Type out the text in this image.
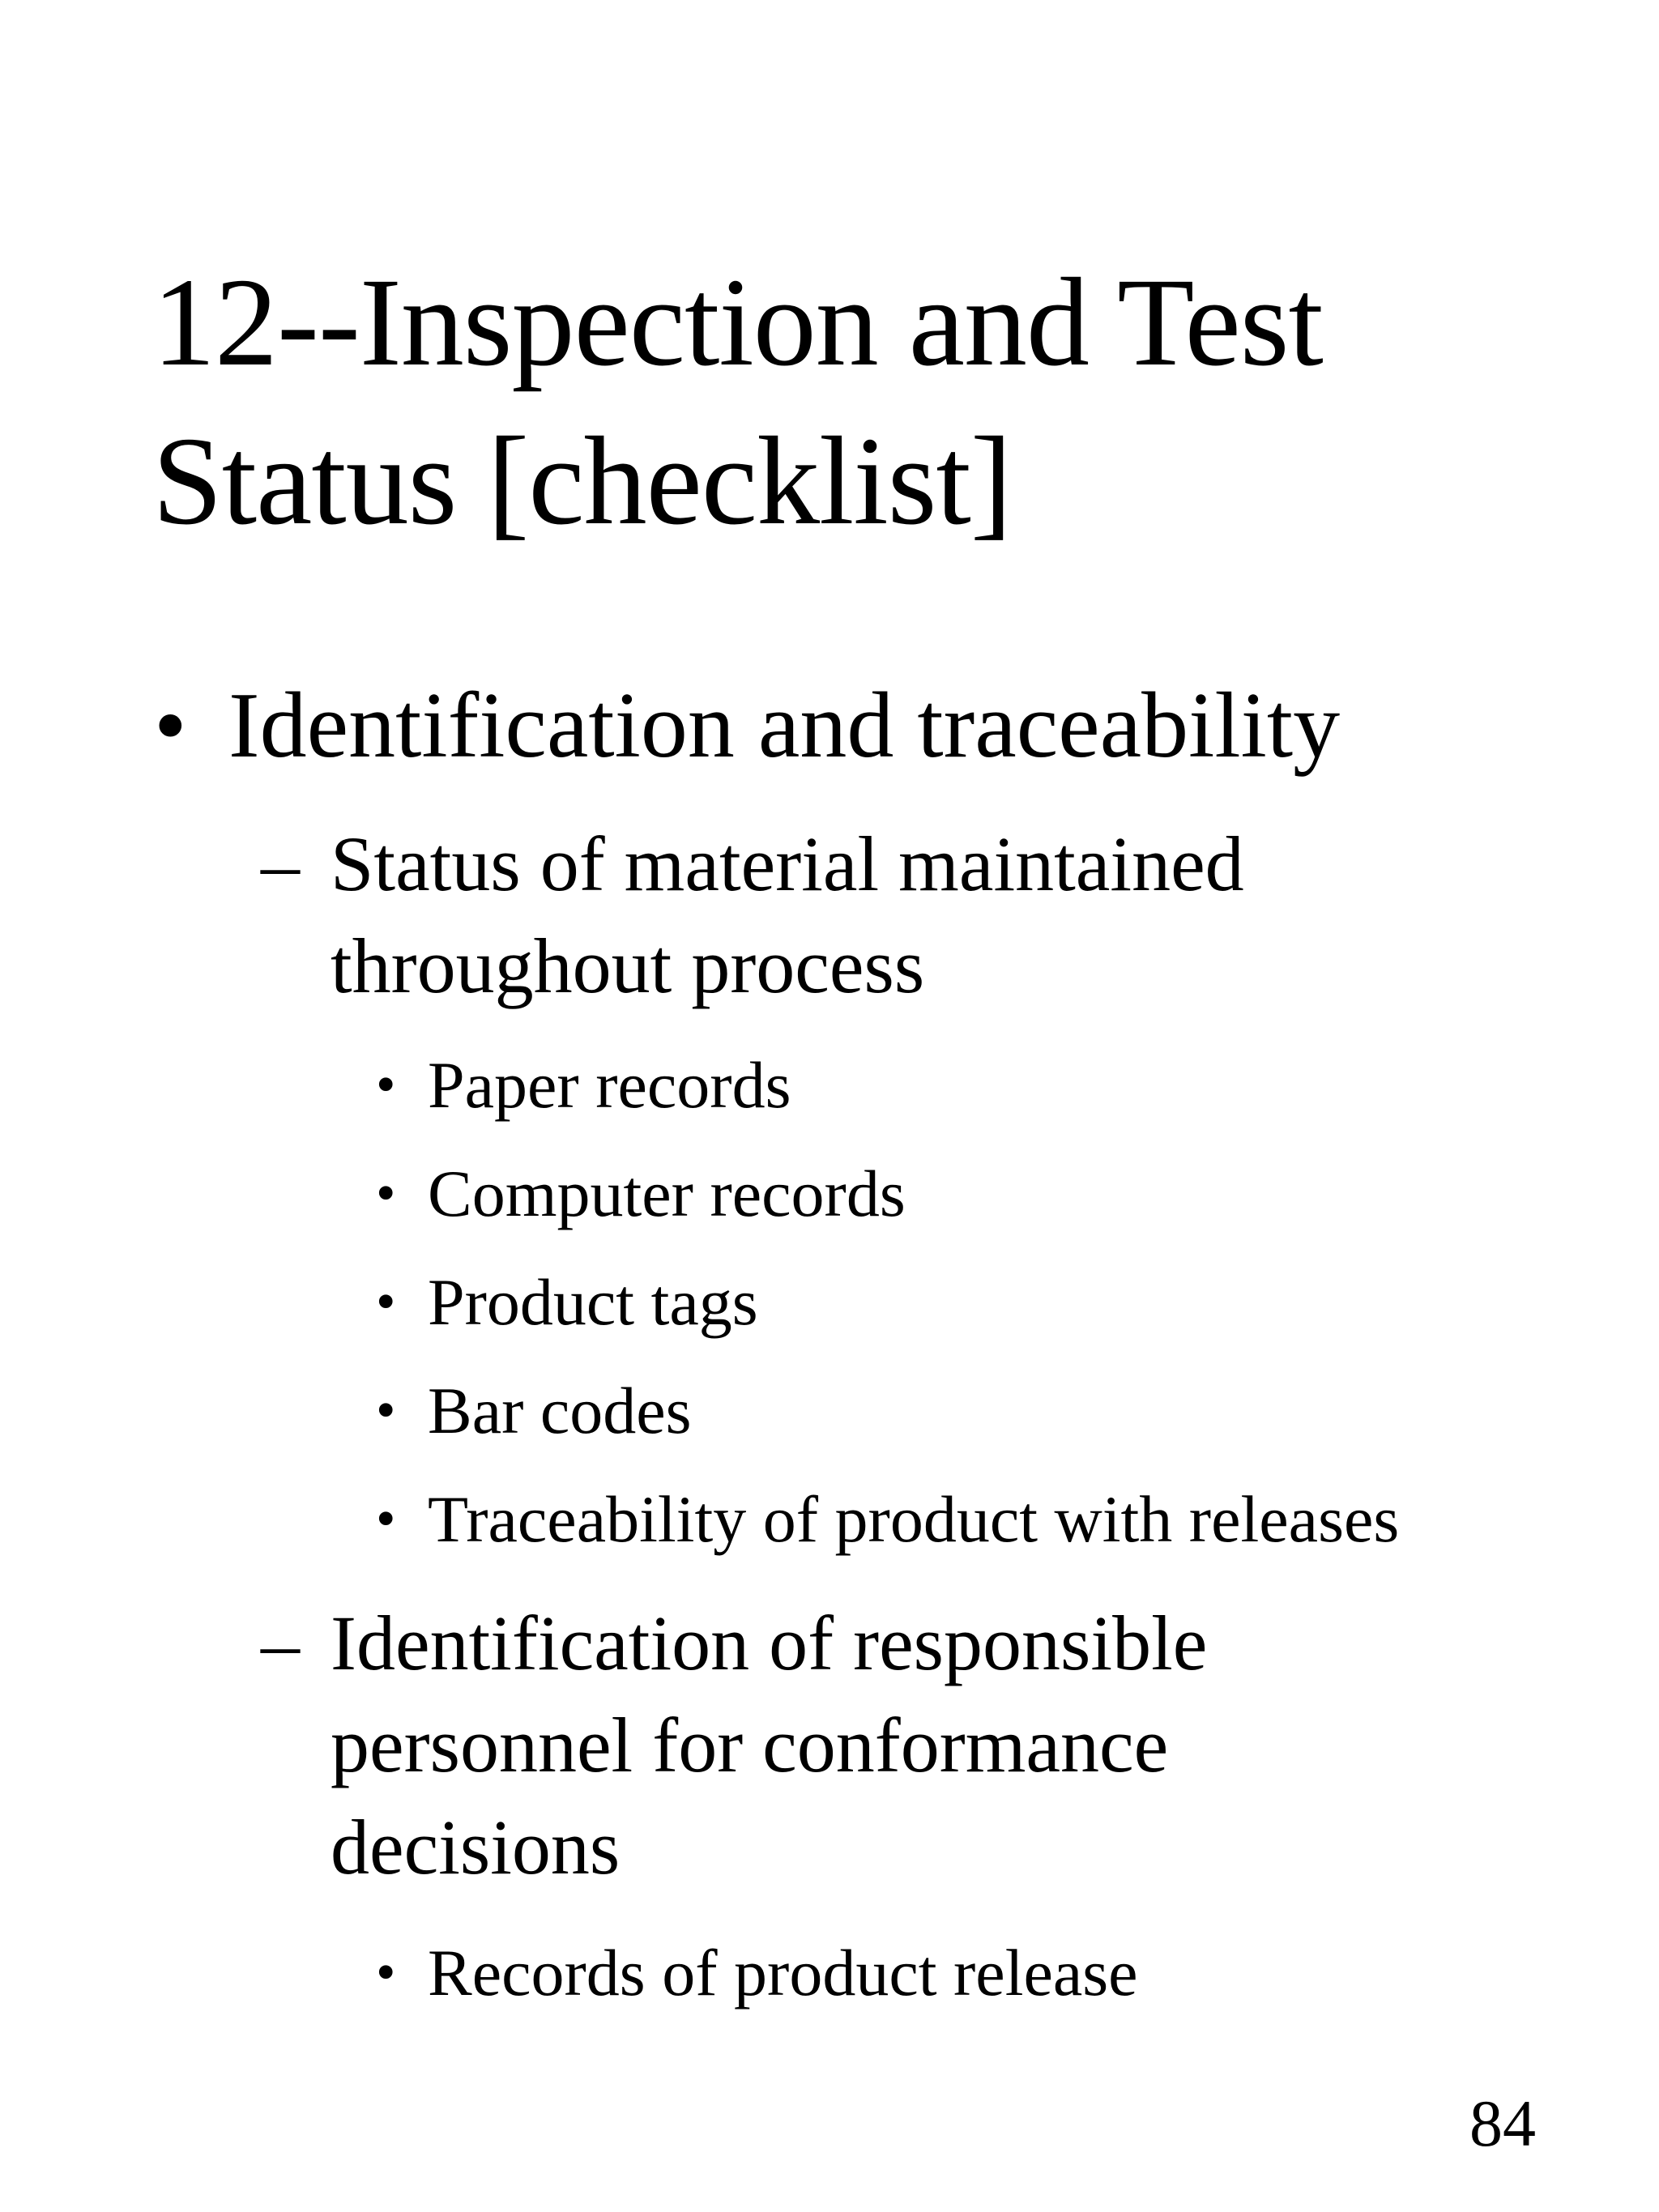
12--Inspection and Test
Status [checklist]
• Identification and traceability
– Status of material maintained
throughout process
• Paper records
• Computer records
• Product tags
• Bar codes
• Traceability of product with releases
– Identification of responsible
personnel for conformance
decisions
• Records of product release
84
